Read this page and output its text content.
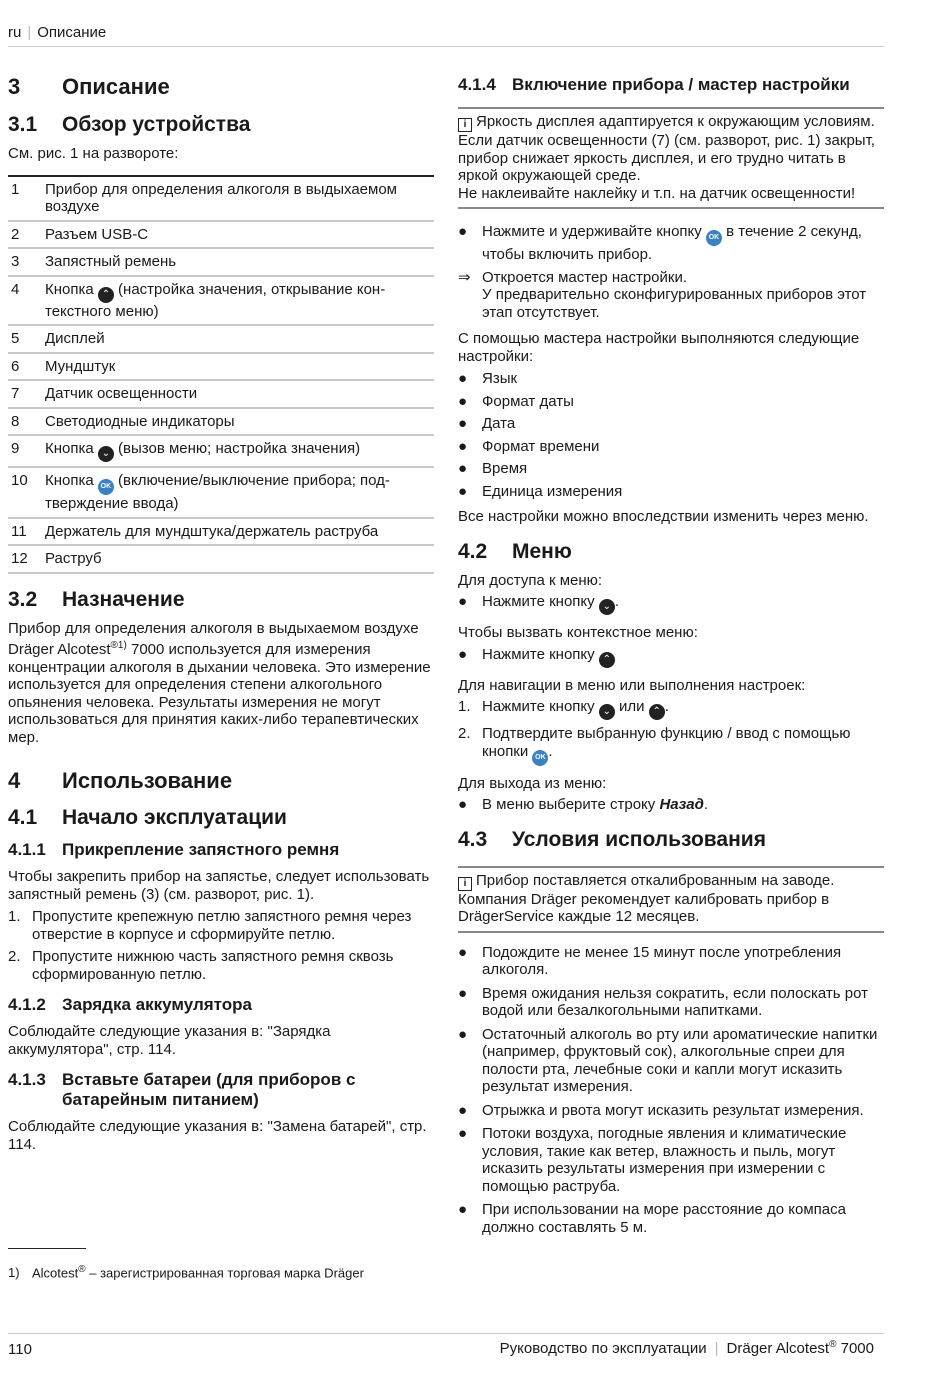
ru | Описание
3	Описание
3.1	Обзор устройства

См. рис. 1 на развороте:

1	Прибор для определения алкоголя в выдыхаемом воздухе
2	Разъем USB-C
3	Запястный ремень
4	Кнопка ⌃ (настройка значения, открывание кон-текстного меню)
5	Дисплей
6	Мундштук
7	Датчик освещенности
8	Светодиодные индикаторы
9	Кнопка ⌄ (вызов меню; настройка значения)
10	Кнопка OK (включение/выключение прибора; под-тверждение ввода)
11	Держатель для мундштука/держатель раструба
12	Раструб
3.2	Назначение

Прибор для определения алкоголя в выдыхаемом воздухе Dräger Alcotest$^{®1)}$ 7000 используется для измерения концентрации алкоголя в дыхании человека. Это измерение используется для определения степени алкогольного опьянения человека. Результаты измерения не могут использоваться для принятия каких-либо терапевтических мер.

4	Использование
4.1	Начало эксплуатации
4.1.1 Прикрепление запястного ремня

Чтобы закрепить прибор на запястье, следует использовать запястный ремень (3) (см. разворот, рис. 1).

1. Пропустите крепежную петлю запястного ремня через отверстие в корпусе и сформируйте петлю.
2. Пропустите нижнюю часть запястного ремня сквозь сформированную петлю.
4.1.2 Зарядка аккумулятора

Соблюдайте следующие указания в: "Зарядка аккумулятора", стр. 114.

4.1.3 Вставьте батареи (для приборов с батарейным питанием)

Соблюдайте следующие указания в: "Замена батарей", стр. 114.

4.1.4 Включение прибора / мастер настройки
i Яркость дисплея адаптируется к окружающим условиям.
Если датчик освещенности (7) (см. разворот, рис. 1) закрыт, прибор снижает яркость дисплея, и его трудно читать в яркой окружающей среде.
Не наклеивайте наклейку и т.п. на датчик освещенности!
● Нажмите и удерживайте кнопку OK в течение 2 секунд, чтобы включить прибор.
⇒ Откроется мастер настройки.
У предварительно сконфигурированных приборов этот этап отсутствует.

С помощью мастера настройки выполняются следующие настройки:

● Язык
● Формат даты
● Дата
● Формат времени
● Время
● Единица измерения

Все настройки можно впоследствии изменить через меню.

4.2	Меню

Для доступа к меню:

● Нажмите кнопку ⌄ .

Чтобы вызвать контекстное меню:

● Нажмите кнопку ⌃

Для навигации в меню или выполнения настроек:

1. Нажмите кнопку ⌄ или ⌃ .
2. Подтвердите выбранную функцию / ввод с помощью кнопки OK .

Для выхода из меню:

● В меню выберите строку Назад.
4.3	Условия использования
i Прибор поставляется откалиброванным на заводе. Компания Dräger рекомендует калибровать прибор в DrägerService каждые 12 месяцев.
● Подождите не менее 15 минут после употребления алкоголя.
● Время ожидания нельзя сократить, если полоскать рот водой или безалкогольными напитками.
● Остаточный алкоголь во рту или ароматические напитки (например, фруктовый сок), алкогольные спреи для полости рта, лечебные соки и капли могут исказить результат измерения.
● Отрыжка и рвота могут исказить результат измерения.
● Потоки воздуха, погодные явления и климатические условия, такие как ветер, влажность и пыль, могут исказить результаты измерения при измерении с помощью раструба.
● При использовании на море расстояние до компаса должно составлять 5 м.
1) Alcotest® – зарегистрированная торговая марка Dräger
110	Руководство по эксплуатации | Dräger Alcotest® 7000
